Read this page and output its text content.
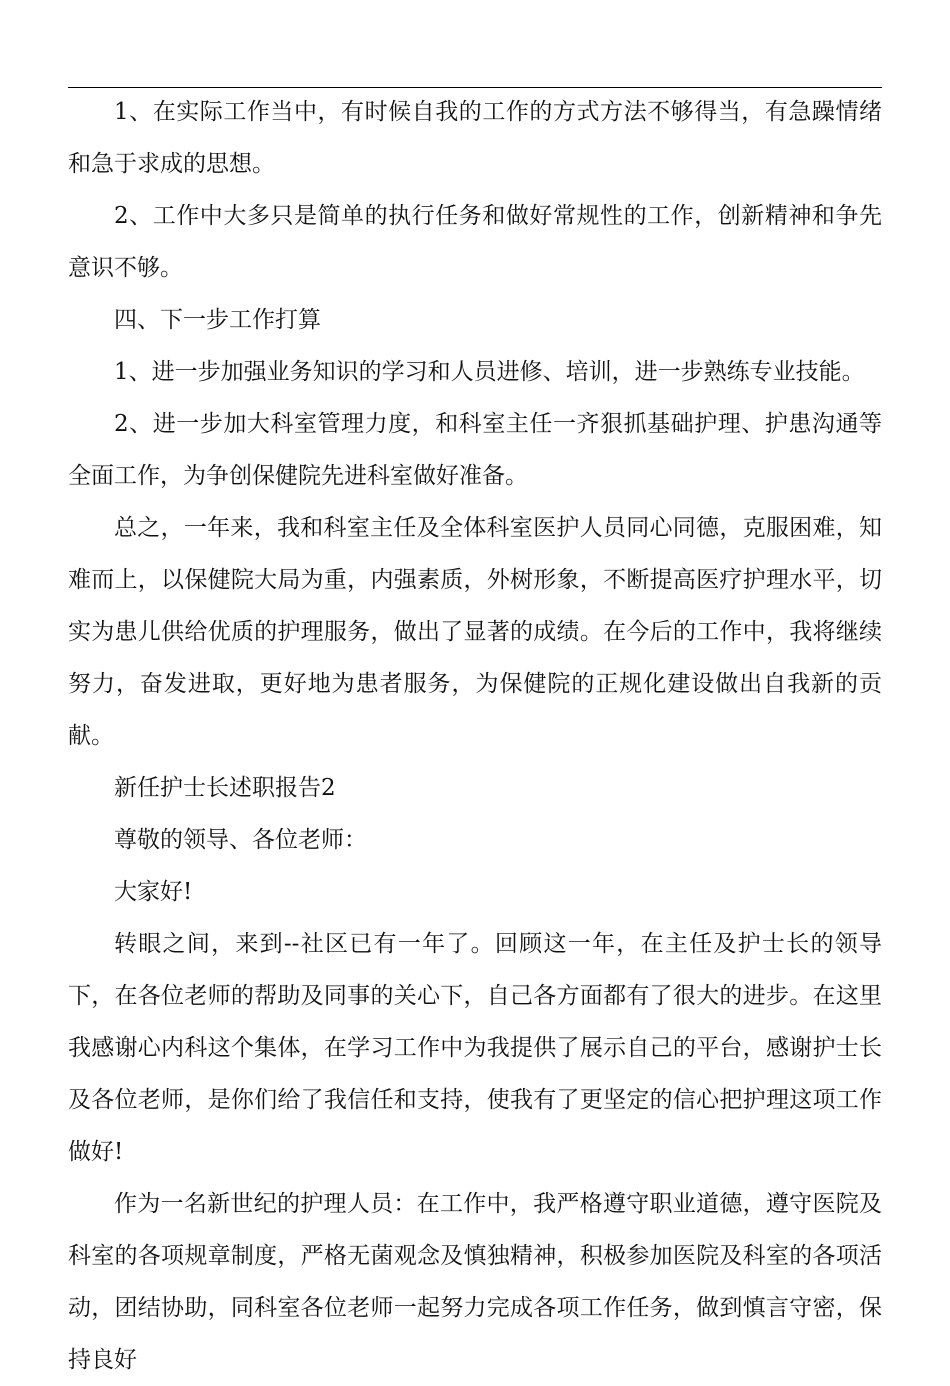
1、在实际工作当中，有时候自我的工作的方式方法不够得当，有急躁情绪和急于求成的思想。

2、工作中大多只是简单的执行任务和做好常规性的工作，创新精神和争先意识不够。

四、下一步工作打算

1、进一步加强业务知识的学习和人员进修、培训，进一步熟练专业技能。

2、进一步加大科室管理力度，和科室主任一齐狠抓基础护理、护患沟通等全面工作，为争创保健院先进科室做好准备。

总之，一年来，我和科室主任及全体科室医护人员同心同德，克服困难，知难而上，以保健院大局为重，内强素质，外树形象，不断提高医疗护理水平，切实为患儿供给优质的护理服务，做出了显著的成绩。在今后的工作中，我将继续努力，奋发进取，更好地为患者服务，为保健院的正规化建设做出自我新的贡献。

新任护士长述职报告2

尊敬的领导、各位老师：

大家好!

转眼之间，来到--社区已有一年了。回顾这一年，在主任及护士长的领导下，在各位老师的帮助及同事的关心下，自己各方面都有了很大的进步。在这里我感谢心内科这个集体，在学习工作中为我提供了展示自己的平台，感谢护士长及各位老师，是你们给了我信任和支持，使我有了更坚定的信心把护理这项工作做好!

作为一名新世纪的护理人员：在工作中，我严格遵守职业道德，遵守医院及科室的各项规章制度，严格无菌观念及慎独精神，积极参加医院及科室的各项活动，团结协助，同科室各位老师一起努力完成各项工作任务，做到慎言守密，保持良好
